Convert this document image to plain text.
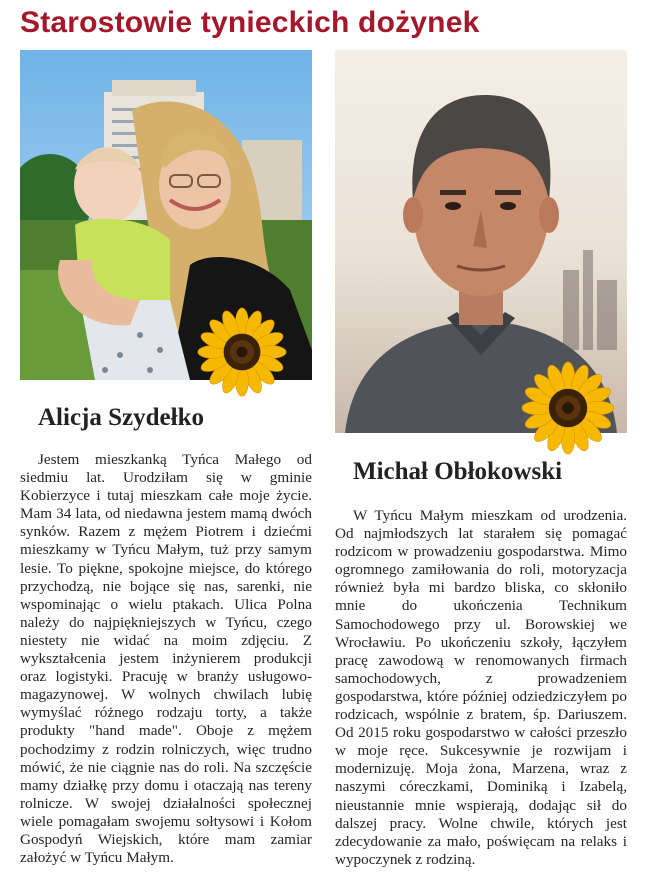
Starostowie tynieckich dożynek
Alicja Szydełko
Michał Obłokowski

Jestem mieszkanką Tyńca Małego od siedmiu lat. Urodziłam się w gminie Kobierzyce i tutaj mieszkam całe moje życie. Mam 34 lata, od niedawna jestem mamą dwóch synków. Razem z mężem Piotrem i dziećmi mieszkamy w Tyńcu Małym, tuż przy samym lesie. To piękne, spokojne miejsce, do którego przychodzą, nie bojące się nas, sarenki, nie wspominając o wielu ptakach. Ulica Polna należy do najpiękniejszych w Tyńcu, czego niestety nie widać na moim zdjęciu. Z wykształcenia jestem inżynierem produkcji oraz logistyki. Pracuję w branży usługowo-magazynowej. W wolnych chwilach lubię wymyślać różnego rodzaju torty, a także produkty "hand made". Oboje z mężem pochodzimy z rodzin rolniczych, więc trudno mówić, że nie ciągnie nas do roli. Na szczęście mamy działkę przy domu i otaczają nas tereny rolnicze. W swojej działalności społecznej wiele pomagałam swojemu sołtysowi i Kołom Gospodyń Wiejskich, które mam zamiar założyć w Tyńcu Małym.

W Tyńcu Małym mieszkam od urodzenia. Od najmłodszych lat starałem się pomagać rodzicom w prowadzeniu gospodarstwa. Mimo ogromnego zamiłowania do roli, motoryzacja również była mi bardzo bliska, co skłoniło mnie do ukończenia Technikum Samochodowego przy ul. Borowskiej we Wrocławiu. Po ukończeniu szkoły, łączyłem pracę zawodową w renomowanych firmach samochodowych, z prowadzeniem gospodarstwa, które później odziedziczyłem po rodzicach, wspólnie z bratem, śp. Dariuszem. Od 2015 roku gospodarstwo w całości przeszło w moje ręce. Sukcesywnie je rozwijam i modernizuję. Moja żona, Marzena, wraz z naszymi córeczkami, Dominiką i Izabelą, nieustannie mnie wspierają, dodając sił do dalszej pracy. Wolne chwile, których jest zdecydowanie za mało, poświęcam na relaks i wypoczynek z rodziną.
